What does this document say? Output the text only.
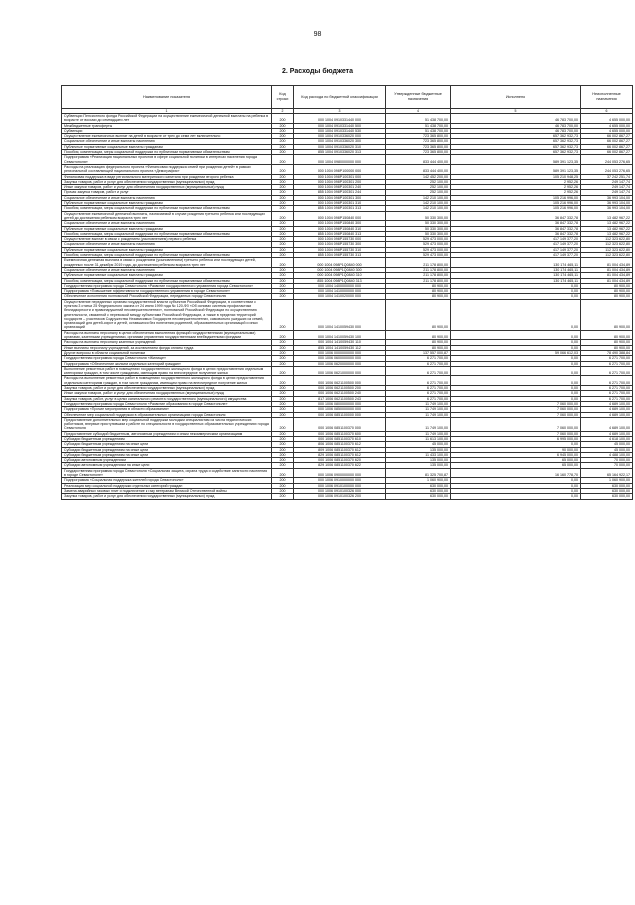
98
2. Расходы бюджета
Наименование показателя	Код строки	Код расхода по бюджетной классификации	Утвержденные бюджетные назначения	Исполнено	Неисполненные назначения
1	2	3	4	5	6
Субвенции Пенсионного фонда Российской Федерации на осуществление ежемесячной денежной выплаты на ребенка в возрасте от восьми до семнадцати лет	200	000 1004 0910331440 000	51 438 700,00	46 783 700,00	4 655 000,00
Межбюджетные трансферты	200	000 1004 0910331440 500	51 438 700,00	46 783 700,00	4 655 000,00
Субвенции	200	000 1004 0910331440 530	51 438 700,00	46 783 700,00	4 655 000,00
Осуществление ежемесячных выплат на детей в возрасте от трех до семи лет включительно	200	000 1004 0910336020 000	723 365 800,00	657 362 932,73	66 002 867,27
Социальное обеспечение и иные выплаты населению	200	000 1004 0910336020 300	723 365 800,00	657 362 932,73	66 002 867,27
Публичные нормативные социальные выплаты гражданам	200	000 1004 0910336020 310	723 365 800,00	657 362 932,73	66 002 867,27
Пособия, компенсации, меры социальной поддержки по публичным нормативным обязательствам	200	855 1004 0910336020 313	723 365 800,00	657 362 932,73	66 002 867,27
Подпрограмма «Реализация национальных проектов в сфере социальной политики в интересах населения города Севастополя»	200	000 1004 0980000000 000	833 444 400,00	589 391 123,35	244 053 276,65
Расходы на реализацию федерального проекта «Финансовая поддержка семей при рождении детей» в рамках региональной составляющей национального проекта «Демография»	200	000 1004 098P100000 000	833 444 400,00	589 391 123,35	244 053 276,65
Финансовая поддержка в виде регионального материнского капитала при рождении второго ребенка	200	000 1004 098P100301 000	142 452 200,00	105 210 948,25	37 242 251,74
Закупка товаров, работ и услуг для обеспечения государственных (муниципальных) нужд	200	000 1004 098P100301 200	252 100,00	2 952,26	249 147,74
Иные закупки товаров, работ и услуг для обеспечения государственных (муниципальных) нужд	200	000 1004 098P100301 240	252 100,00	2 952,26	249 147,74
Прочая закупка товаров, работ и услуг	200	855 1004 098P100301 244	252 100,00	2 952,26	249 147,74
Социальное обеспечение и иные выплаты населению	200	000 1004 098P100301 300	142 210 100,00	105 216 996,00	36 993 104,00
Публичные нормативные социальные выплаты гражданам	200	000 1004 098P100301 310	142 210 100,00	105 216 996,00	36 993 104,00
Пособия, компенсации, меры социальной поддержки по публичным нормативным обязательствам	200	855 1004 098P100301 313	142 210 100,00	105 216 996,00	36 993 104,00
Осуществление ежемесячной денежной выплаты, назначаемой в случае рождения третьего ребенка или последующих детей до достижения ребенком возраста трех лет	200	000 1004 098P150840 000	50 330 300,00	36 847 332,78	13 482 967,22
Социальное обеспечение и иные выплаты населению	200	000 1004 098P150840 300	50 330 300,00	36 847 332,78	13 482 967,22
Публичные нормативные социальные выплаты гражданам	200	000 1004 098P150840 310	50 330 300,00	36 847 332,78	13 482 967,22
Пособия, компенсации, меры социальной поддержки по публичным нормативным обязательствам	200	855 1004 098P150840 313	50 330 300,00	36 847 332,78	13 482 967,22
Осуществление выплат в связи с рождением (усыновлением) первого ребенка	200	000 1004 098P155730 000	529 473 000,00	417 149 377,20	112 323 622,80
Социальное обеспечение и иные выплаты населению	200	000 1004 098P155730 300	529 473 000,00	417 149 377,20	112 323 622,80
Публичные нормативные социальные выплаты гражданам	200	000 1004 098P155730 310	529 473 000,00	417 149 377,20	112 323 622,80
Пособия, компенсации, меры социальной поддержки по публичным нормативным обязательствам	200	855 1004 098P155730 313	529 473 000,00	417 149 377,20	112 323 622,80
Ежемесячная денежная выплата в связи с рождением (усыновлением) третьего ребенка или последующих детей, рожденных после 31 декабря 2019 года, до достижения ребенком возраста трех лет	200	000 1004 098P1Q0840 000	211 178 800,00	130 174 465,11	81 004 434,89
Социальное обеспечение и иные выплаты населению	200	000 1004 098P1Q0840 300	211 178 800,00	130 174 465,11	81 004 434,89
Публичные нормативные социальные выплаты гражданам	200	000 1004 098P1Q0840 310	211 178 800,00	130 174 465,11	81 004 434,89
Пособия, компенсации, меры социальной поддержки по публичным нормативным обязательствам	200	855 1004 098P1Q0840 313	211 178 800,00	130 174 465,11	81 004 434,89
Государственная программа города Севастополя «Развитие государственного управления города Севастополя»	200	000 1004 1400000000 000	80 900,00	0,00	80 900,00
Подпрограмма «Повышение эффективности государственного управления в городе Севастополе»	200	000 1004 1410000000 000	80 900,00	0,00	80 900,00
Обеспечение исполнения полномочий Российской Федерации, переданных городу Севастополю	200	000 1004 1410020000 000	80 900,00	0,00	80 900,00
Осуществление переданных органам государственной власти субъектов Российской Федерации, в соответствии с пунктом 3 статьи 25 Федерального закона от 24 июня 1999 года № 120-ФЗ «Об основах системы профилактики безнадзорности и правонарушений несовершеннолетних», полномочий Российской Федерации по осуществлению деятельности, связанной с перевозкой между субъектами Российской Федерации, а также в пределах территорий государств – участников Содружества Независимых Государств несовершеннолетних, самовольно ушедших из семей, организаций для детей-сирот и детей, оставшихся без попечения родителей, образовательных организаций и иных организаций	200	000 1004 1410059430 000	80 900,00	0,00	80 900,00
Расходы на выплаты персоналу в целях обеспечения выполнения функций государственными (муниципальными) органами, казенными учреждениями, органами управления государственными внебюджетными фондами	200	000 1004 1410059430 100	80 900,00	0,00	80 900,00
Расходы на выплаты персоналу казенных учреждений	200	000 1004 1410059430 110	80 900,00	0,00	80 900,00
Иные выплаты персоналу учреждений, за исключением фонда оплаты труда	200	855 1004 1410059430 112	80 900,00	0,00	80 900,00
Другие вопросы в области социальной политики	200	000 1006 0000000000 000	137 557 000,87	59 066 612,03	78 490 388,84
Государственная программа города Севастополя «Жилище»	200	000 1006 0600000000 000	6 271 700,00	0,00	6 271 700,00
Подпрограмма «Обеспечение жильем отдельных категорий граждан»	200	000 1006 0620000000 000	6 271 700,00	0,00	6 271 700,00
Выполнение ремонтных работ в помещениях государственного жилищного фонда в целях предоставления отдельным категориям граждан, в том числе гражданам, имеющим право на внеочередное получение жилья	200	000 1006 0621000000 000	6 271 700,00	0,00	6 271 700,00
Расходы на выполнение ремонтных работ в помещениях государственного жилищного фонда в целях предоставления отдельным категориям граждан, в том числе гражданам, имеющим право на внеочередное получение жилья	200	000 1006 0621100500 000	6 271 700,00	0,00	6 271 700,00
Закупка товаров, работ и услуг для обеспечения государственных (муниципальных) нужд	200	000 1006 0621100500 200	6 271 700,00	0,00	6 271 700,00
Иные закупки товаров, работ и услуг для обеспечения государственных (муниципальных) нужд	200	000 1006 0621100500 240	6 271 700,00	0,00	6 271 700,00
Закупка товаров, работ, услуг в целях капитального ремонта государственного (муниципального) имущества	200	817 1006 0621100500 243	6 271 700,00	0,00	6 271 700,00
Государственная программа города Севастополя «Развитие образования в городе Севастополе»	200	000 1006 0800000000 000	11 749 100,00	7 060 000,00	4 689 100,00
Подпрограмма «Прочие мероприятия в области образования»	200	000 1006 0850000000 000	11 749 100,00	7 060 000,00	4 689 100,00
Обеспечение мер социальной поддержки в образовательных организациях города Севастополя	200	000 1006 0851100000 000	11 749 100,00	7 060 000,00	4 689 100,00
Предоставление дополнительных мер социальной поддержки молодым специалистам из числа педагогических работников, впервые приступившим к работе по специальности в государственных образовательных учреждениях города Севастополя	200	000 1006 0851100370 000	11 749 100,00	7 060 000,00	4 689 100,00
Предоставление субсидий бюджетным, автономным учреждениям и иным некоммерческим организациям	200	000 1006 0851100370 600	11 749 100,00	7 060 000,00	4 689 100,00
Субсидии бюджетным учреждениям	200	000 1006 0851100370 610	11 613 100,00	6 995 000,00	4 618 100,00
Субсидии бюджетным учреждениям на иные цели	200	806 1006 0851100370 612	45 000,00	0,00	45 000,00
Субсидии бюджетным учреждениям на иные цели	200	809 1006 0851100370 612	135 000,00	90 000,00	45 000,00
Субсидии бюджетным учреждениям на иные цели	200	829 1006 0851100370 612	11 433 100,00	6 945 000,00	4 488 100,00
Субсидии автономным учреждениям	200	000 1006 0851100370 620	135 000,00	65 000,00	70 000,00
Субсидии автономным учреждениям на иные цели	200	829 1006 0851100370 622	135 000,00	65 000,00	70 000,00
Государственная программа города Севастополя «Социальная защита, охрана труда и содействие занятости населения в городе Севастополе»	200	000 1006 0900000000 000	81 325 700,87	16 160 778,70	65 164 922,17
Подпрограмма «Социальная поддержка жителей города Севастополя»	200	000 1006 0910000000 000	1 060 900,00	0,00	1 060 900,00
Реализация мер социальной поддержки отдельных категорий граждан	200	000 1006 0910100000 000	630 000,00	0,00	630 000,00
Замена аварийных газовых плит и подключение к газу ветеранам Великой Отечественной войны	200	000 1006 0910100326 000	630 000,00	0,00	630 000,00
Закупка товаров, работ и услуг для обеспечения государственных (муниципальных) нужд	200	000 1006 0910100326 200	630 000,00	0,00	630 000,00
